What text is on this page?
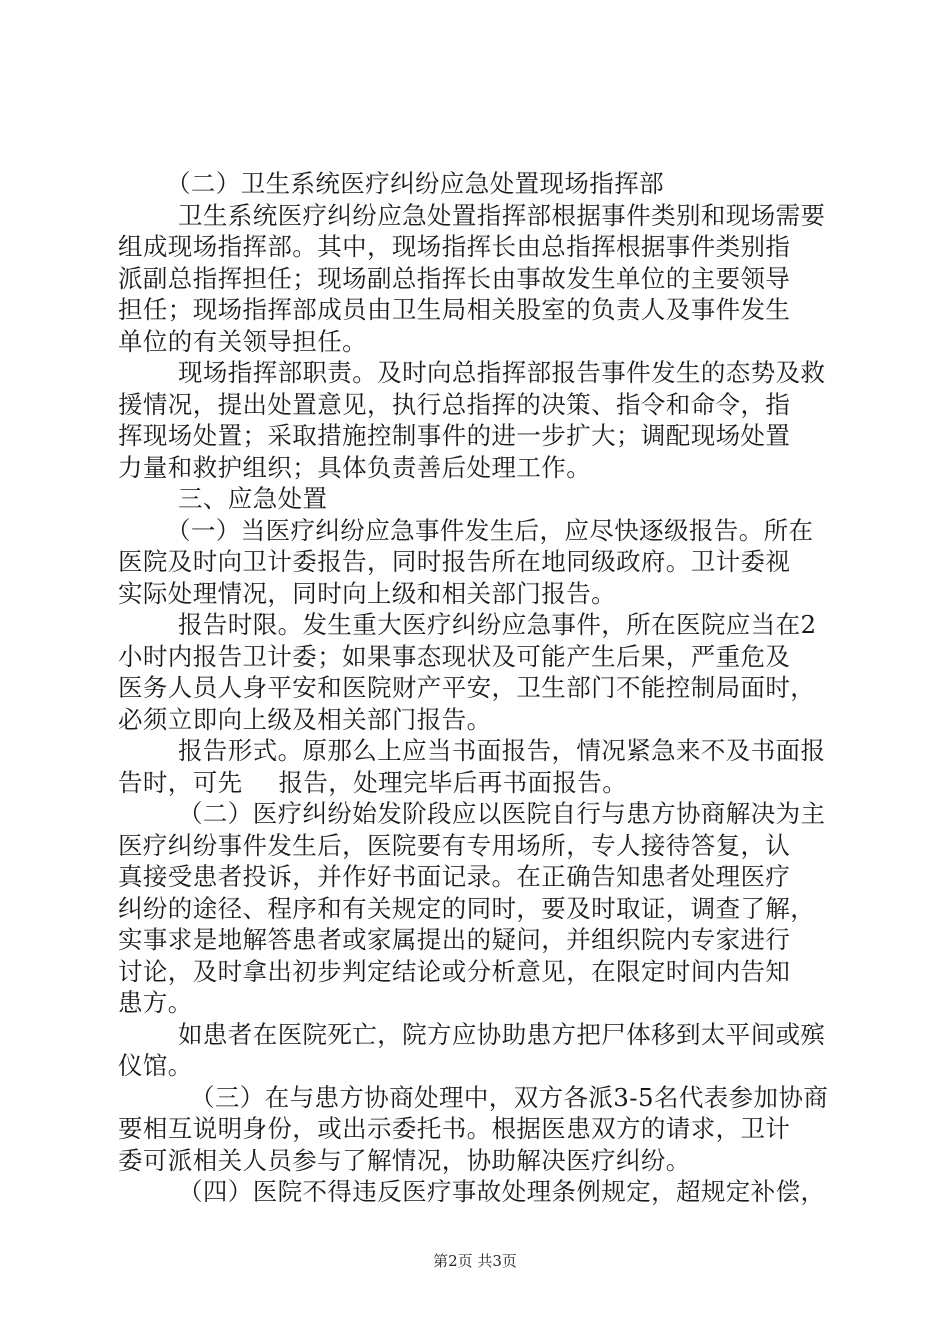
（二）卫生系统医疗纠纷应急处置现场指挥部
卫生系统医疗纠纷应急处置指挥部根据事件类别和现场需要
组成现场指挥部。其中，现场指挥长由总指挥根据事件类别指
派副总指挥担任；现场副总指挥长由事故发生单位的主要领导
担任；现场指挥部成员由卫生局相关股室的负责人及事件发生
单位的有关领导担任。
现场指挥部职责。及时向总指挥部报告事件发生的态势及救
援情况，提出处置意见，执行总指挥的决策、指令和命令，指
挥现场处置；采取措施控制事件的进一步扩大；调配现场处置
力量和救护组织；具体负责善后处理工作。
三、应急处置
（一）当医疗纠纷应急事件发生后，应尽快逐级报告。所在
医院及时向卫计委报告，同时报告所在地同级政府。卫计委视
实际处理情况，同时向上级和相关部门报告。
报告时限。发生重大医疗纠纷应急事件，所在医院应当在2
小时内报告卫计委；如果事态现状及可能产生后果，严重危及
医务人员人身平安和医院财产平安，卫生部门不能控制局面时，
必须立即向上级及相关部门报告。
报告形式。原那么上应当书面报告，情况紧急来不及书面报
告时，可先 报告，处理完毕后再书面报告。
（二）医疗纠纷始发阶段应以医院自行与患方协商解决为主
医疗纠纷事件发生后，医院要有专用场所，专人接待答复，认
真接受患者投诉，并作好书面记录。在正确告知患者处理医疗
纠纷的途径、程序和有关规定的同时，要及时取证，调查了解，
实事求是地解答患者或家属提出的疑问，并组织院内专家进行
讨论，及时拿出初步判定结论或分析意见，在限定时间内告知
患方。
如患者在医院死亡，院方应协助患方把尸体移到太平间或殡
仪馆。
（三）在与患方协商处理中，双方各派3-5名代表参加协商
要相互说明身份，或出示委托书。根据医患双方的请求，卫计
委可派相关人员参与了解情况，协助解决医疗纠纷。
（四）医院不得违反医疗事故处理条例规定，超规定补偿，
第2页 共3页
